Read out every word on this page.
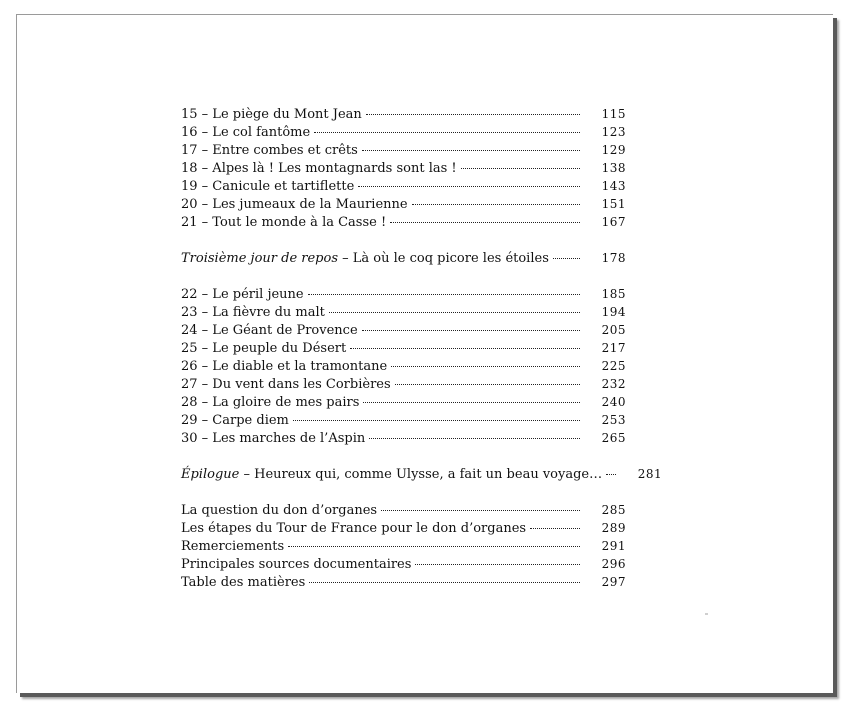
15 – Le piège du Mont Jean	115
16 – Le col fantôme	123
17 – Entre combes et crêts	129
18 – Alpes là ! Les montagnards sont las !	138
19 – Canicule et tartiflette	143
20 – Les jumeaux de la Maurienne	151
21 – Tout le monde à la Casse !	167
Troisième jour de repos – Là où le coq picore les étoiles	178
22 – Le péril jeune	185
23 – La fièvre du malt	194
24 – Le Géant de Provence	205
25 – Le peuple du Désert	217
26 – Le diable et la tramontane	225
27 – Du vent dans les Corbières	232
28 – La gloire de mes pairs	240
29 – Carpe diem	253
30 – Les marches de l’Aspin	265
Épilogue – Heureux qui, comme Ulysse, a fait un beau voyage…	281
La question du don d’organes	285
Les étapes du Tour de France pour le don d’organes	289
Remerciements	291
Principales sources documentaires	296
Table des matières	297
